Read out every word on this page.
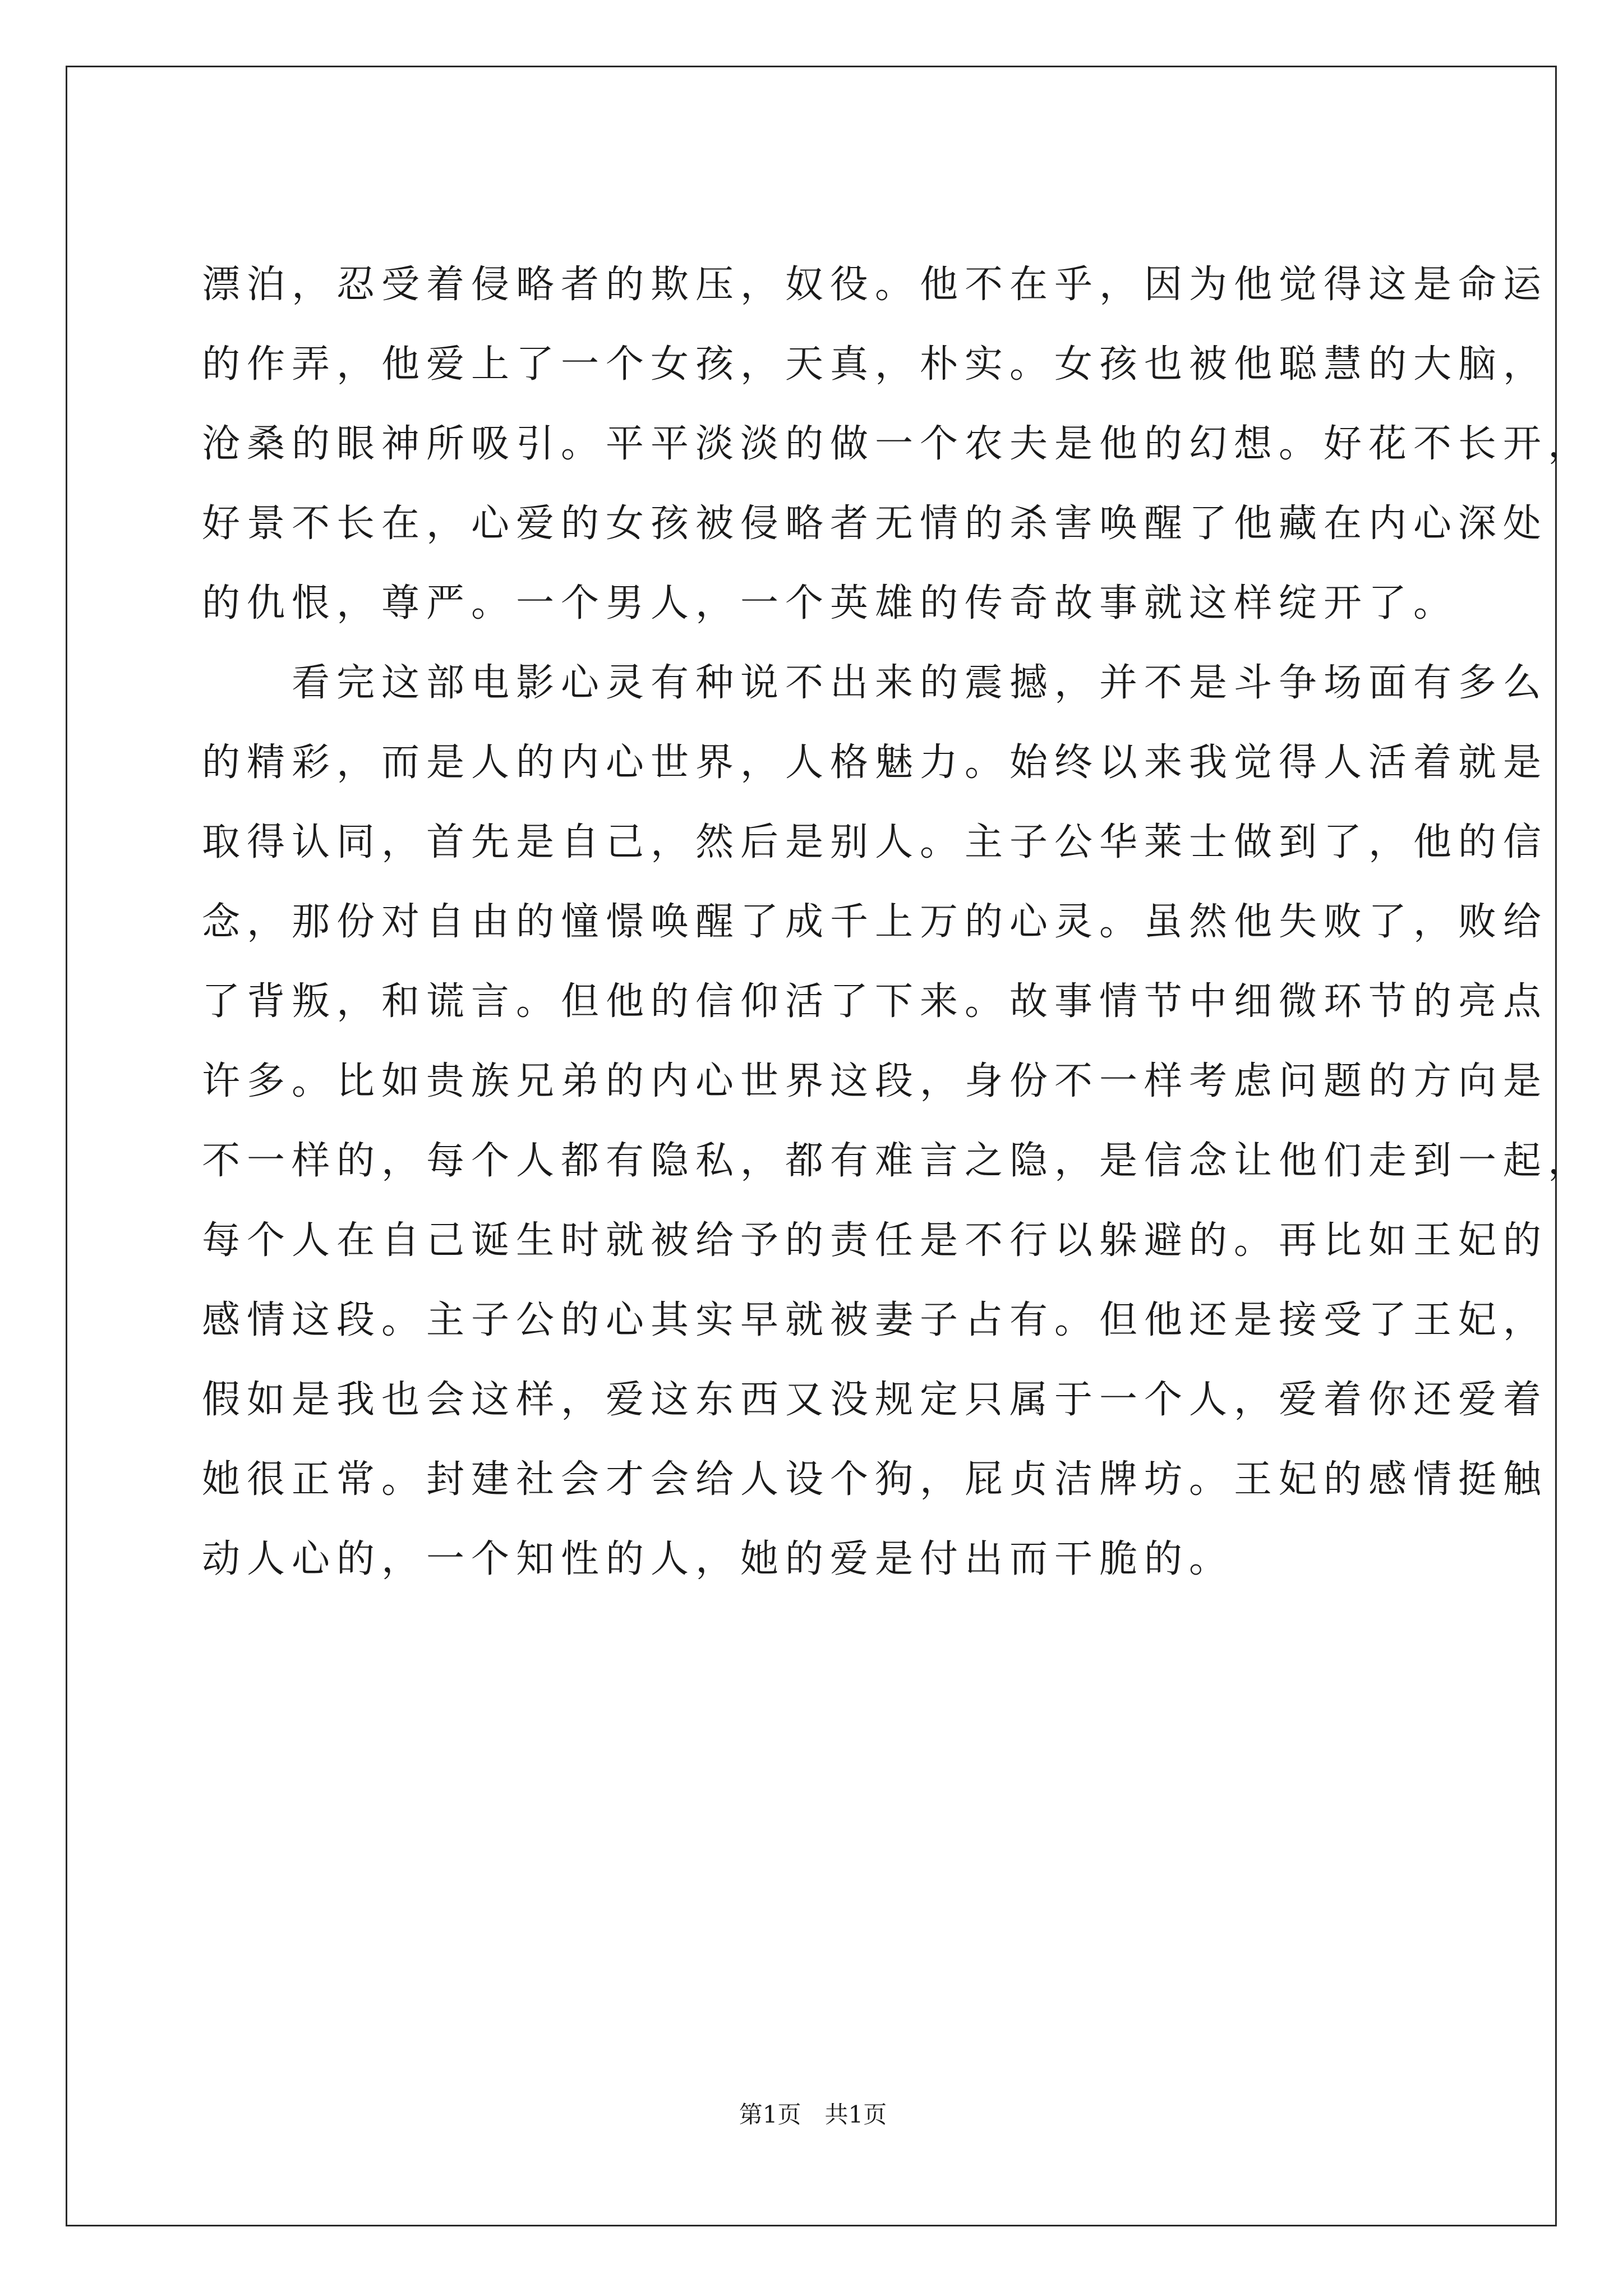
漂泊，忍受着侵略者的欺压，奴役。他不在乎，因为他觉得这是命运
的作弄，他爱上了一个女孩，天真，朴实。女孩也被他聪慧的大脑，
沧桑的眼神所吸引。平平淡淡的做一个农夫是他的幻想。好花不长开，
好景不长在，心爱的女孩被侵略者无情的杀害唤醒了他藏在内心深处
的仇恨，尊严。一个男人，一个英雄的传奇故事就这样绽开了。
　　看完这部电影心灵有种说不出来的震撼，并不是斗争场面有多么
的精彩，而是人的内心世界，人格魅力。始终以来我觉得人活着就是
取得认同，首先是自己，然后是别人。主子公华莱士做到了，他的信
念，那份对自由的憧憬唤醒了成千上万的心灵。虽然他失败了，败给
了背叛，和谎言。但他的信仰活了下来。故事情节中细微环节的亮点
许多。比如贵族兄弟的内心世界这段，身份不一样考虑问题的方向是
不一样的，每个人都有隐私，都有难言之隐，是信念让他们走到一起，
每个人在自己诞生时就被给予的责任是不行以躲避的。再比如王妃的
感情这段。主子公的心其实早就被妻子占有。但他还是接受了王妃，
假如是我也会这样，爱这东西又没规定只属于一个人，爱着你还爱着
她很正常。封建社会才会给人设个狗，屁贞洁牌坊。王妃的感情挺触
动人心的，一个知性的人，她的爱是付出而干脆的。
第1页　共1页
